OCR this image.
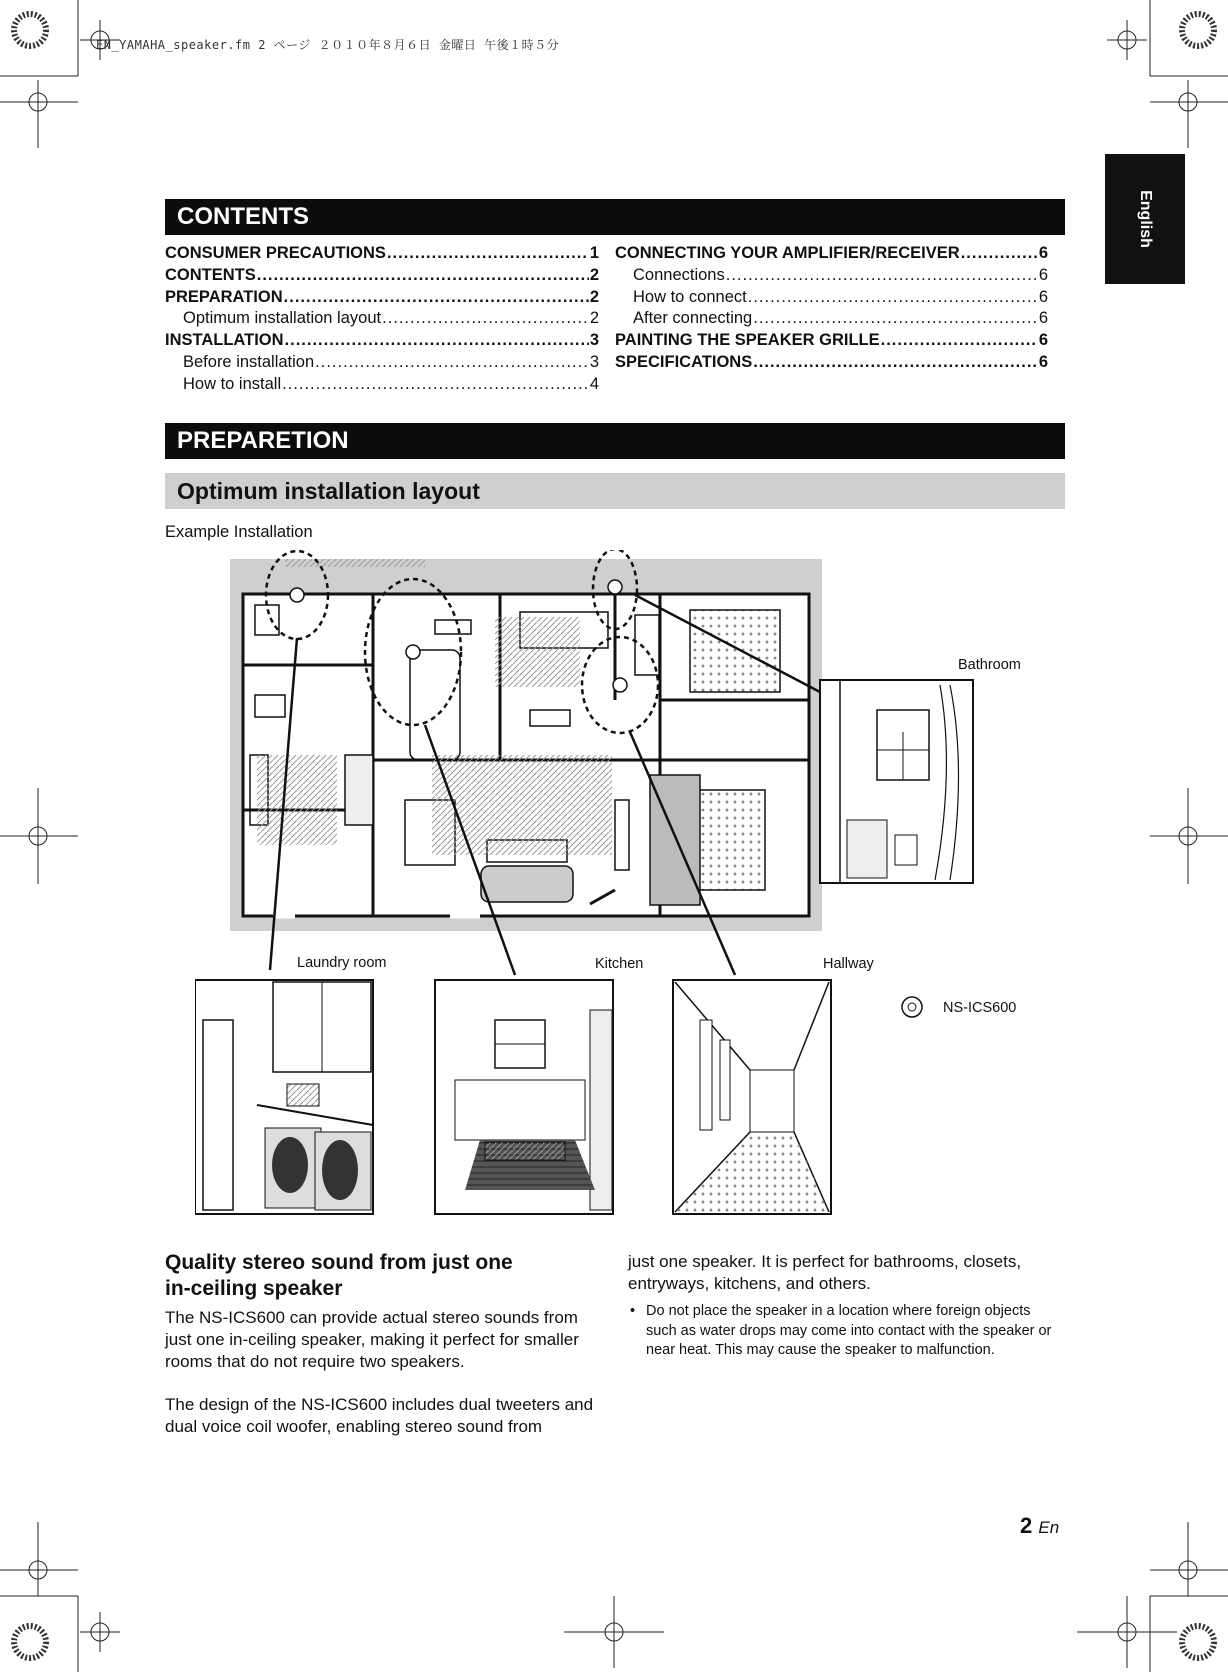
EN_YAMAHA_speaker.fm 2 ページ ２０１０年８月６日 金曜日 午後１時５分
English
CONTENTS
CONSUMER PRECAUTIONS .....	1
CONTENTS .....	2
PREPARATION .....	2
Optimum installation layout .....	2
INSTALLATION .....	3
Before installation .....	3
How to install .....	4
CONNECTING YOUR AMPLIFIER/RECEIVER .....	6
Connections .....	6
How to connect .....	6
After connecting .....	6
PAINTING THE SPEAKER GRILLE .....	6
SPECIFICATIONS .....	6
PREPARETION
Optimum installation layout
Example Installation
Bathroom
Laundry room	Kitchen	Hallway
NS-ICS600
Quality stereo sound from just one
in-ceiling speaker
The NS-ICS600 can provide actual stereo sounds from just one in-ceiling speaker, making it perfect for smaller rooms that do not require two speakers.
The design of the NS-ICS600 includes dual tweeters and dual voice coil woofer, enabling stereo sound from
just one speaker. It is perfect for bathrooms, closets, entryways, kitchens, and others.
• Do not place the speaker in a location where foreign objects such as water drops may come into contact with the speaker or near heat. This may cause the speaker to malfunction.
2 En
